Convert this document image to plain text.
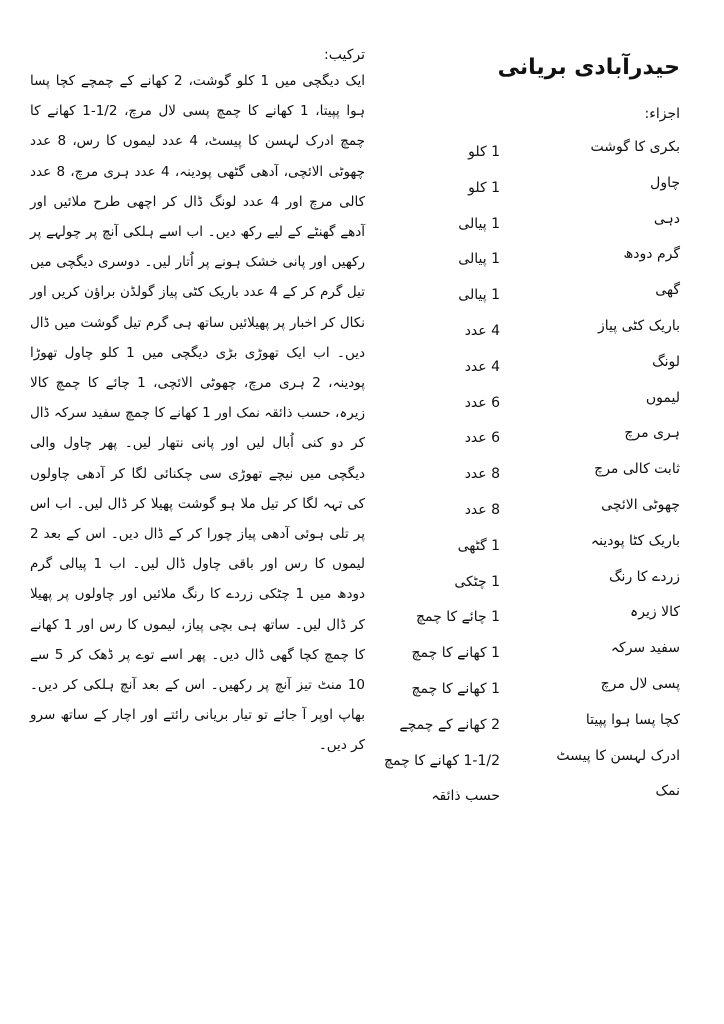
حیدرآبادی بریانی
اجزاء:
بکری کا گوشت
چاول
دہی
گرم دودھ
گھی
باریک کٹی پیاز
لونگ
لیموں
ہری مرچ
ثابت کالی مرچ
چھوٹی الائچی
باریک کٹا پودینہ
زردے کا رنگ
کالا زیرہ
سفید سرکہ
پسی لال مرچ
کچا پسا ہوا پپیتا
ادرک لہسن کا پیسٹ
نمک
1 کلو
1 کلو
1 پیالی
1 پیالی
1 پیالی
4 عدد
4 عدد
6 عدد
6 عدد
8 عدد
8 عدد
1 گٹھی
1 چٹکی
1 چائے کا چمچ
1 کھانے کا چمچ
1 کھانے کا چمچ
2 کھانے کے چمچے
1-1/2 کھانے کا چمچ
حسب ذائقہ
ترکیب:

ایک دیگچی میں 1 کلو گوشت، 2 کھانے کے چمچے کچا پسا ہوا پپیتا، 1 کھانے کا چمچ پسی لال مرچ، 1/2-1 کھانے کا چمچ ادرک لہسن کا پیسٹ، 4 عدد لیموں کا رس، 8 عدد چھوٹی الائچی، آدھی گٹھی پودینہ، 4 عدد ہری مرچ، 8 عدد کالی مرچ اور 4 عدد لونگ ڈال کر اچھی طرح ملائیں اور آدھے گھنٹے کے لیے رکھ دیں۔ اب اسے ہلکی آنچ پر چولہے پر رکھیں اور پانی خشک ہونے پر اُتار لیں۔ دوسری دیگچی میں تیل گرم کر کے 4 عدد باریک کٹی پیاز گولڈن براؤن کریں اور نکال کر اخبار پر پھیلائیں ساتھ ہی گرم تیل گوشت میں ڈال دیں۔ اب ایک تھوڑی بڑی دیگچی میں 1 کلو چاول تھوڑا پودینہ، 2 ہری مرچ، چھوٹی الائچی، 1 چائے کا چمچ کالا زیرہ، حسب ذائقہ نمک اور 1 کھانے کا چمچ سفید سرکہ ڈال کر دو کنی اُبال لیں اور پانی نتھار لیں۔ پھر چاول والی دیگچی میں نیچے تھوڑی سی چکنائی لگا کر آدھی چاولوں کی تہہ لگا کر تیل ملا ہو گوشت پھیلا کر ڈال لیں۔ اب اس پر تلی ہوئی آدھی پیاز چورا کر کے ڈال دیں۔ اس کے بعد 2 لیموں کا رس اور باقی چاول ڈال لیں۔ اب 1 پیالی گرم دودھ میں 1 چٹکی زردے کا رنگ ملائیں اور چاولوں پر پھیلا کر ڈال لیں۔ ساتھ ہی بچی پیاز، لیموں کا رس اور 1 کھانے کا چمچ کچا گھی ڈال دیں۔ پھر اسے توے پر ڈھک کر 5 سے 10 منٹ تیز آنچ پر رکھیں۔ اس کے بعد آنچ ہلکی کر دیں۔ بھاپ اوپر آ جائے تو تیار بریانی رائتے اور اچار کے ساتھ سرو کر دیں۔
